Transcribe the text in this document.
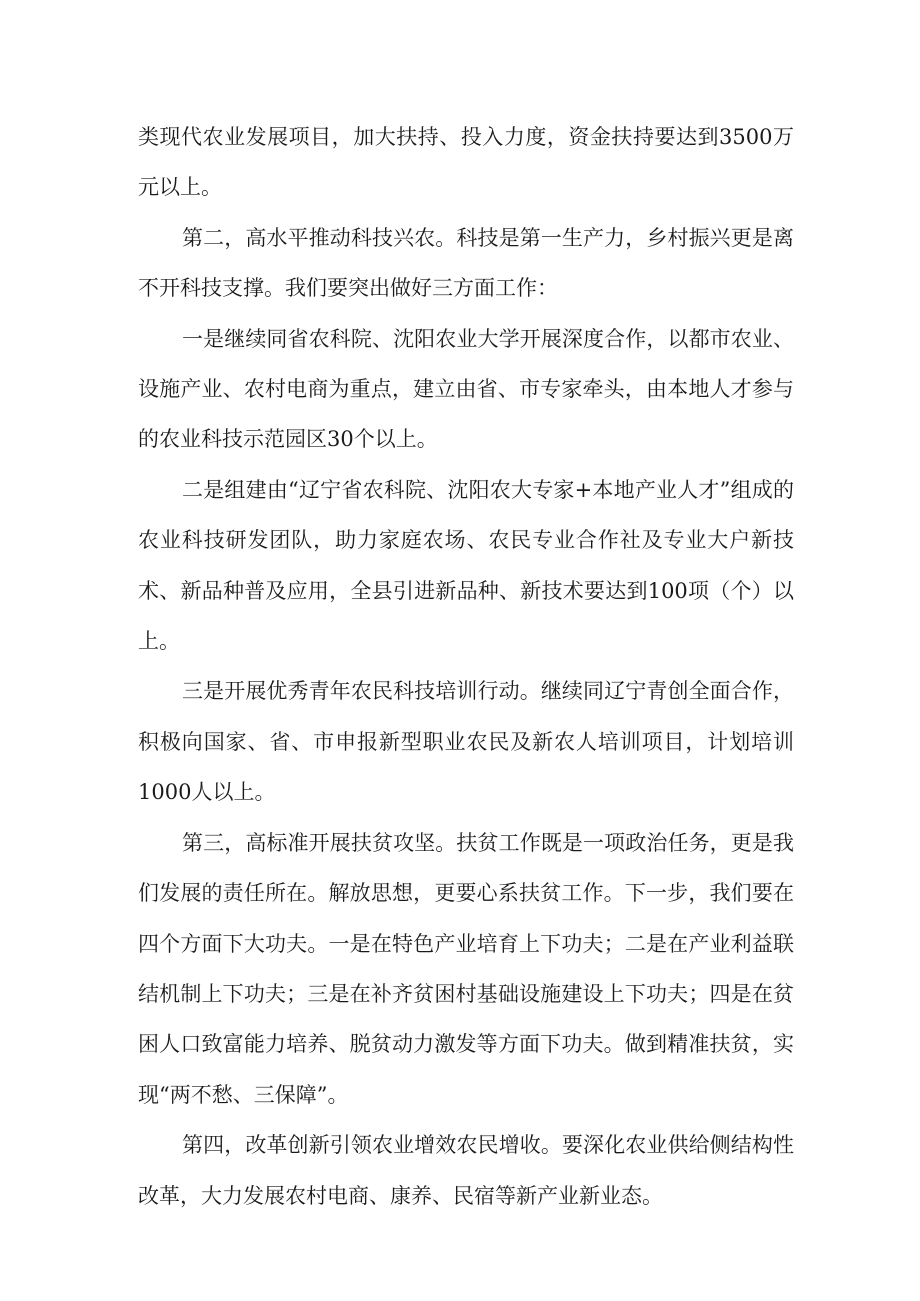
类现代农业发展项目，加大扶持、投入力度，资金扶持要达到3500万元以上。

第二，高水平推动科技兴农。科技是第一生产力，乡村振兴更是离不开科技支撑。我们要突出做好三方面工作：

一是继续同省农科院、沈阳农业大学开展深度合作，以都市农业、设施产业、农村电商为重点，建立由省、市专家牵头，由本地人才参与的农业科技示范园区30个以上。

二是组建由“辽宁省农科院、沈阳农大专家+本地产业人才”组成的农业科技研发团队，助力家庭农场、农民专业合作社及专业大户新技术、新品种普及应用，全县引进新品种、新技术要达到100项（个）以上。

三是开展优秀青年农民科技培训行动。继续同辽宁青创全面合作，积极向国家、省、市申报新型职业农民及新农人培训项目，计划培训1000人以上。

第三，高标准开展扶贫攻坚。扶贫工作既是一项政治任务，更是我们发展的责任所在。解放思想，更要心系扶贫工作。下一步，我们要在四个方面下大功夫。一是在特色产业培育上下功夫；二是在产业利益联结机制上下功夫；三是在补齐贫困村基础设施建设上下功夫；四是在贫困人口致富能力培养、脱贫动力激发等方面下功夫。做到精准扶贫，实现“两不愁、三保障”。

第四，改革创新引领农业增效农民增收。要深化农业供给侧结构性改革，大力发展农村电商、康养、民宿等新产业新业态。
